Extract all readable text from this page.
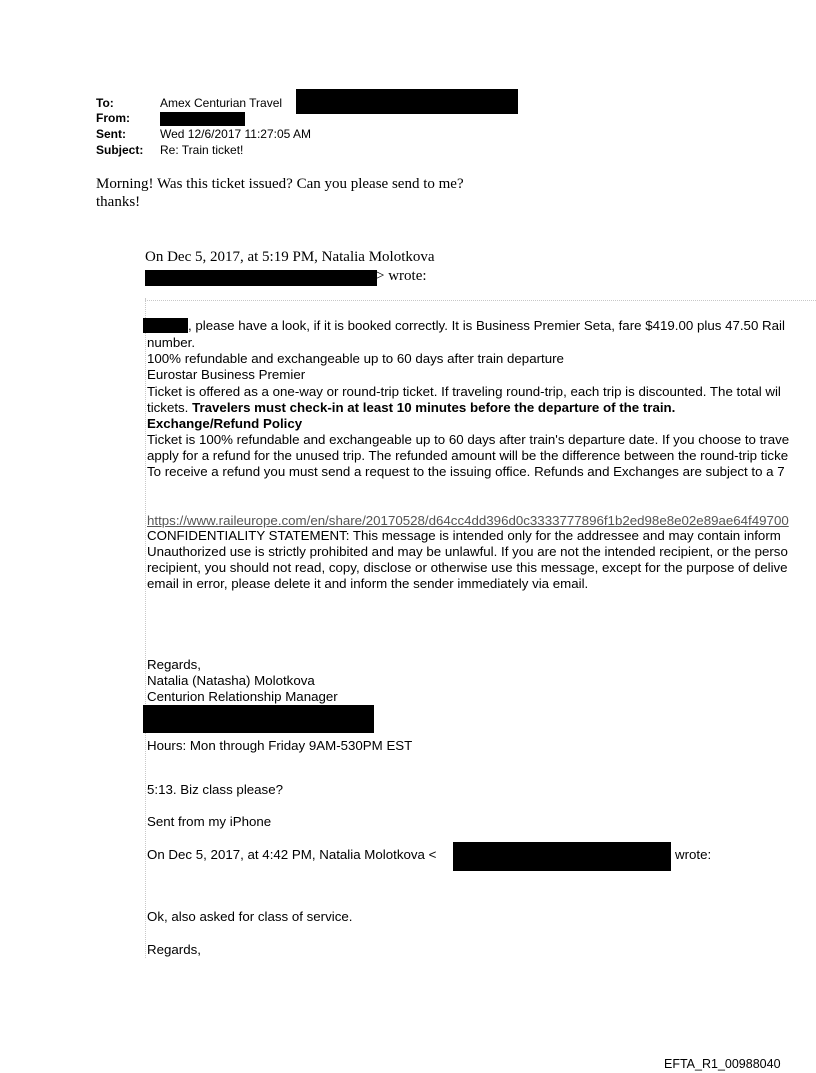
To:	Amex Centurian Travel
From:
Sent:	Wed 12/6/2017 11:27:05 AM
Subject: Re: Train ticket!
Morning! Was this ticket issued? Can you please send to me?
thanks!
On Dec 5, 2017, at 5:19 PM, Natalia Molotkova
> wrote:
, please have a look, if it is booked correctly. It is Business Premier Seta, fare $419.00 plus 47.50 Rail
number.
100% refundable and exchangeable up to 60 days after train departure
Eurostar Business Premier
Ticket is offered as a one-way or round-trip ticket. If traveling round-trip, each trip is discounted. The total wil
tickets. Travelers must check-in at least 10 minutes before the departure of the train.
Exchange/Refund Policy
Ticket is 100% refundable and exchangeable up to 60 days after train's departure date. If you choose to trave
apply for a refund for the unused trip. The refunded amount will be the difference between the round-trip ticke
To receive a refund you must send a request to the issuing office. Refunds and Exchanges are subject to a 7
https://www.raileurope.com/en/share/20170528/d64cc4dd396d0c3333777896f1b2ed98e8e02e89ae64f49700
CONFIDENTIALITY STATEMENT: This message is intended only for the addressee and may contain inform
Unauthorized use is strictly prohibited and may be unlawful. If you are not the intended recipient, or the perso
recipient, you should not read, copy, disclose or otherwise use this message, except for the purpose of delive
email in error, please delete it and inform the sender immediately via email.
Regards,
Natalia (Natasha) Molotkova
Centurion Relationship Manager
Hours: Mon through Friday 9AM-530PM EST
5:13. Biz class please?
Sent from my iPhone
On Dec 5, 2017, at 4:42 PM, Natalia Molotkova <	wrote:
Ok, also asked for class of service.
Regards,
EFTA_R1_00988040
